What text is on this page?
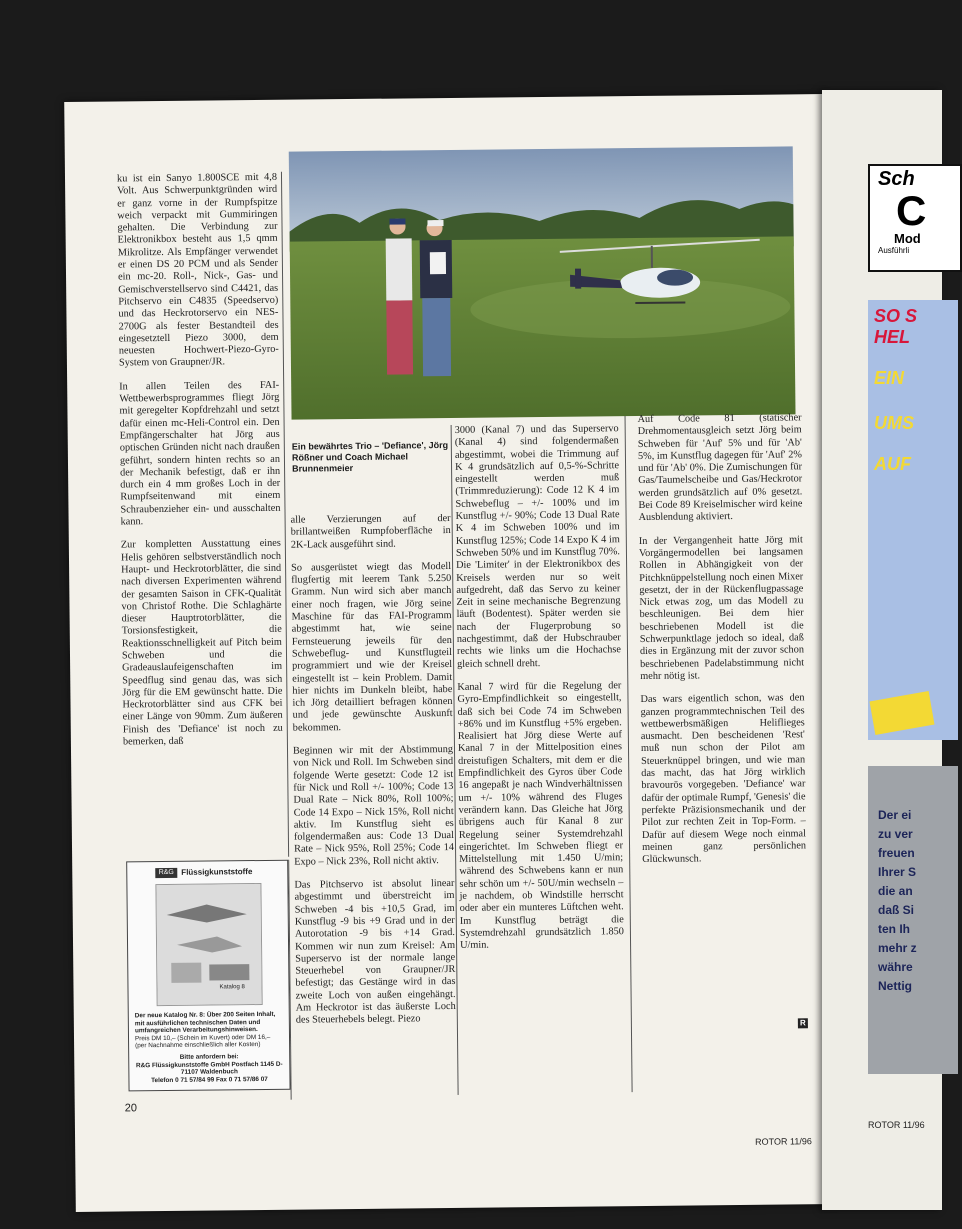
ku ist ein Sanyo 1.800SCE mit 4,8 Volt. Aus Schwerpunktgründen wird er ganz vorne in der Rumpfspitze weich verpackt mit Gummiringen gehalten. Die Verbindung zur Elektronikbox besteht aus 1,5 qmm Mikrolitze. Als Empfänger verwendet er einen DS 20 PCM und als Sender ein mc-20. Roll-, Nick-, Gas- und Gemischverstellservo sind C4421, das Pitchservo ein C4835 (Speedservo) und das Heckrotorservo ein NES-2700G als fester Bestandteil des eingesetztell Piezo 3000, dem neuesten Hochwert-Piezo-Gyro-System von Graupner/JR.

In allen Teilen des FAI-Wettbewerbsprogrammes fliegt Jörg mit geregelter Kopfdrehzahl und setzt dafür einen mc-Heli-Control ein. Den Empfängerschalter hat Jörg aus optischen Gründen nicht nach draußen geführt, sondern hinten rechts so an der Mechanik befestigt, daß er ihn durch ein 4 mm großes Loch in der Rumpfseitenwand mit einem Schraubenzieher ein- und ausschalten kann.

Zur kompletten Ausstattung eines Helis gehören selbstverständlich noch Haupt- und Heckrotorblätter, die sind nach diversen Experimenten während der gesamten Saison in CFK-Qualität von Christof Rothe. Die Schlaghärte dieser Hauptrotorblätter, die Torsionsfestigkeit, die Reaktionsschnelligkeit auf Pitch beim Schweben und die Gradeauslaufeigenschaften im Speedflug sind genau das, was sich Jörg für die EM gewünscht hatte. Die Heckrotorblätter sind aus CFK bei einer Länge von 90mm. Zum äußeren Finish des 'Defiance' ist noch zu bemerken, daß

Ein bewährtes Trio – 'Defiance', Jörg Rößner und Coach Michael Brunnenmeier

alle Verzierungen auf der brillantweißen Rumpfoberfläche in 2K-Lack ausgeführt sind.

So ausgerüstet wiegt das Modell flugfertig mit leerem Tank 5.250 Gramm. Nun wird sich aber manch einer noch fragen, wie Jörg seine Maschine für das FAI-Programm abgestimmt hat, wie seine Fernsteuerung jeweils für den Schwebeflug- und Kunstflugteil programmiert und wie der Kreisel eingestellt ist – kein Problem. Damit hier nichts im Dunkeln bleibt, habe ich Jörg detailliert befragen können und jede gewünschte Auskunft bekommen.

Beginnen wir mit der Abstimmung von Nick und Roll. Im Schweben sind folgende Werte gesetzt: Code 12 ist für Nick und Roll +/- 100%; Code 13 Dual Rate – Nick 80%, Roll 100%; Code 14 Expo – Nick 15%, Roll nicht aktiv. Im Kunstflug sieht es folgendermaßen aus: Code 13 Dual Rate – Nick 95%, Roll 25%; Code 14 Expo – Nick 23%, Roll nicht aktiv.

Das Pitchservo ist absolut linear abgestimmt und überstreicht im Schweben -4 bis +10,5 Grad, im Kunstflug -9 bis +9 Grad und in der Autorotation -9 bis +14 Grad. Kommen wir nun zum Kreisel: Am Superservo ist der normale lange Steuerhebel von Graupner/JR befestigt; das Gestänge wird in das zweite Loch von außen eingehängt. Am Heckrotor ist das äußerste Loch des Steuerhebels belegt. Piezo

3000 (Kanal 7) und das Superservo (Kanal 4) sind folgendermaßen abgestimmt, wobei die Trimmung auf K 4 grundsätzlich auf 0,5-%-Schritte eingestellt werden muß (Trimmreduzierung): Code 12 K 4 im Schwebeflug – +/- 100% und im Kunstflug +/- 90%; Code 13 Dual Rate K 4 im Schweben 100% und im Kunstflug 125%; Code 14 Expo K 4 im Schweben 50% und im Kunstflug 70%. Die 'Limiter' in der Elektronikbox des Kreisels werden nur so weit aufgedreht, daß das Servo zu keiner Zeit in seine mechanische Begrenzung läuft (Bodentest). Später werden sie nach der Flugerprobung so nachgestimmt, daß der Hubschrauber rechts wie links um die Hochachse gleich schnell dreht.

Kanal 7 wird für die Regelung der Gyro-Empfindlichkeit so eingestellt, daß sich bei Code 74 im Schweben +86% und im Kunstflug +5% ergeben. Realisiert hat Jörg diese Werte auf Kanal 7 in der Mittelposition eines dreistufigen Schalters, mit dem er die Empfindlichkeit des Gyros über Code 16 angepaßt je nach Windverhältnissen um +/- 10% während des Fluges verändern kann. Das Gleiche hat Jörg übrigens auch für Kanal 8 zur Regelung seiner Systemdrehzahl eingerichtet. Im Schweben fliegt er Mittelstellung mit 1.450 U/min; während des Schwebens kann er nun sehr schön um +/- 50U/min wechseln – je nachdem, ob Windstille herrscht oder aber ein munteres Lüftchen weht. Im Kunstflug beträgt die Systemdrehzahl grundsätzlich 1.850 U/min.

Auf Code 81 (statischer Drehmomentausgleich setzt Jörg beim Schweben für 'Auf' 5% und für 'Ab' 5%, im Kunstflug dagegen für 'Auf' 2% und für 'Ab' 0%. Die Zumischungen für Gas/Taumelscheibe und Gas/Heckrotor werden grundsätzlich auf 0% gesetzt. Bei Code 89 Kreiselmischer wird keine Ausblendung aktiviert.

In der Vergangenheit hatte Jörg mit Vorgängermodellen bei langsamen Rollen in Abhängigkeit von der Pitchknüppelstellung noch einen Mixer gesetzt, der in der Rückenflugpassage Nick etwas zog, um das Modell zu beschleunigen. Bei dem hier beschriebenen Modell ist die Schwerpunktlage jedoch so ideal, daß dies in Ergänzung mit der zuvor schon beschriebenen Padelabstimmung nicht mehr nötig ist.

Das wars eigentlich schon, was den ganzen programmtechnischen Teil des wettbewerbsmäßigen Heliflieges ausmacht. Den bescheidenen 'Rest' muß nun schon der Pilot am Steuerknüppel bringen, und wie man das macht, das hat Jörg wirklich bravourös vorgegeben. 'Defiance' war dafür der optimale Rumpf, 'Genesis' die perfekte Präzisionsmechanik und der Pilot zur rechten Zeit in Top-Form. – Dafür auf diesem Wege noch einmal meinen ganz persönlichen Glückwunsch.

R
R&G Flüssigkunststoffe
Katalog 8
Der neue Katalog Nr. 8: Über 200 Seiten Inhalt, mit ausführlichen technischen Daten und umfangreichen Verarbeitungshinweisen.
Preis DM 10,– (Schein im Kuvert) oder DM 16,– (per Nachnahme einschließlich aller Kosten)
Bitte anfordern bei:
R&G Flüssigkunststoffe GmbH Postfach 1145 D-71107 Waldenbuch
Telefon 0 71 57/84 99 Fax 0 71 57/86 07
20
ROTOR 11/96
Sch
C
Mod
Ausführli
SO S
HEL
EIN
UMS
AUF
Der ei
zu ver
freuen
Ihrer S
die an
daß Si
ten Ih
mehr z
währe
Nettig
ROTOR 11/96
